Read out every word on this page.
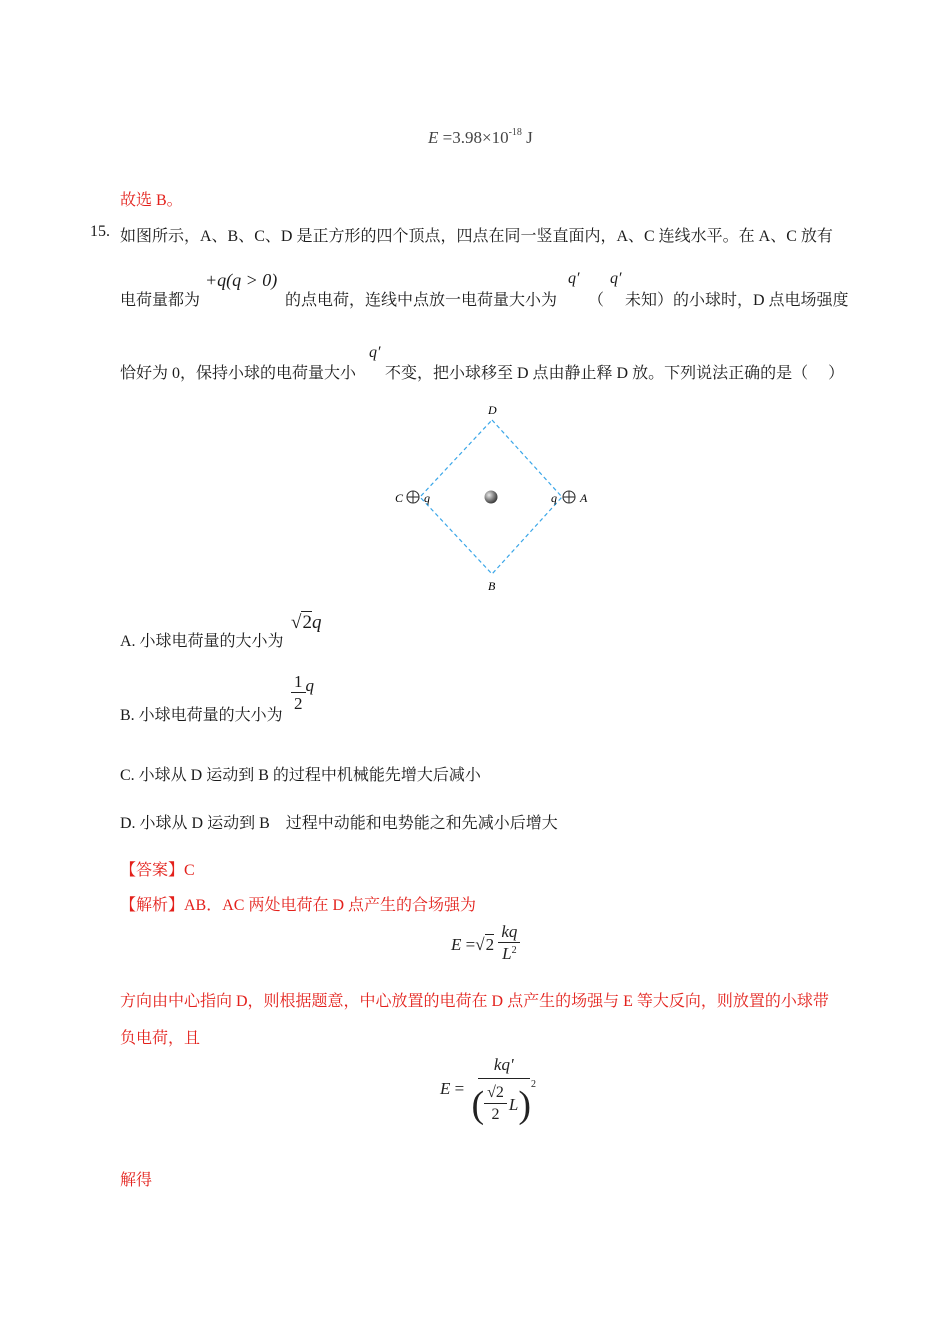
$E =3.98\times 10^{-18}$ J
故选 B。
15. 如图所示，A、B、C、D 是正方形的四个顶点，四点在同一竖直面内，A、C 连线水平。在 A、C 放有
电荷量都为
+q(q > 0)
的点电荷，连线中点放一电荷量大小为
q′
（
q′
未知）的小球时，D 点电场强度
恰好为 0，保持小球的电荷量大小
q′
不变，把小球移至 D 点由静止释 D 放。下列说法正确的是（　 ）
D
B
C	A
q	q
A. 小球电荷量的大小为
√2q
B. 小球电荷量的大小为
$\frac{1}{2}$ q
C. 小球从 D 运动到 B 的过程中机械能先增大后减小
D. 小球从 D 运动到 B　过程中动能和电势能之和先减小后增大
【答案】C
【解析】AB．AC 两处电荷在 D 点产生的合场强为
$E =√2 \frac{kq}{L^2}$
方向由中心指向 D，则根据题意，中心放置的电荷在 D 点产生的场强与 E 等大反向，则放置的小球带
负电荷，且
$E = \frac{kq'}{( \frac{√2}{2} L ) 2}$
解得
